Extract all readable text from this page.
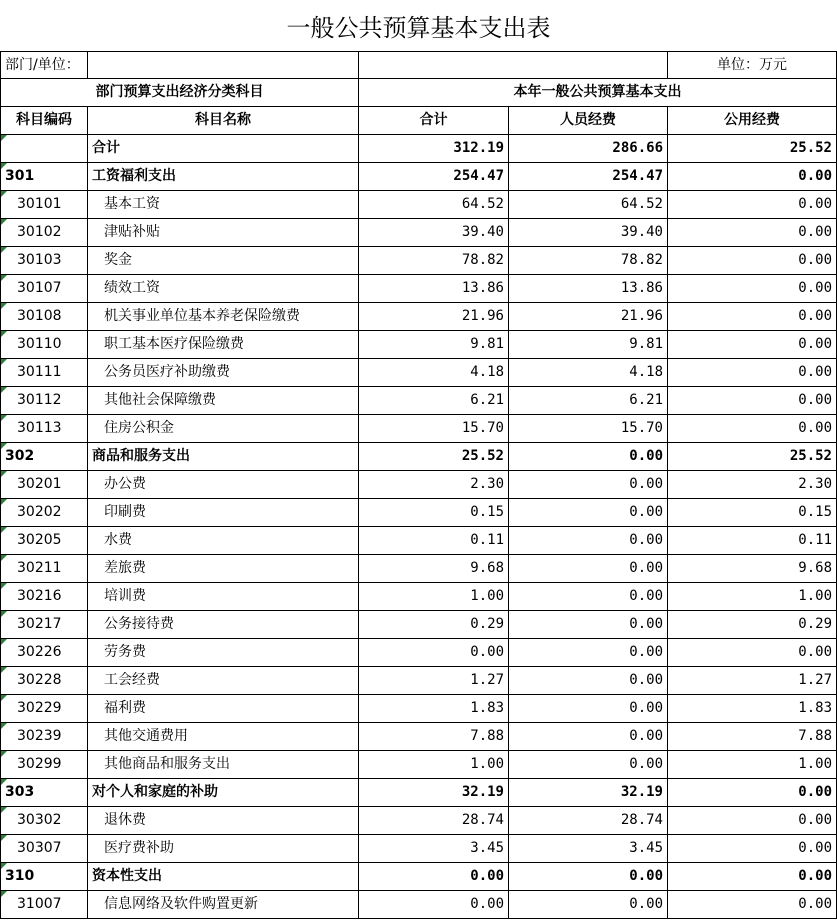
一般公共预算基本支出表
部门/单位：				单位：万元
部门预算支出经济分类科目		本年一般公共预算基本支出		
科目编码	科目名称	合计	人员经费	公用经费
	合计	312.19	286.66	25.52
301	工资福利支出	254.47	254.47	0.00
30101	基本工资	64.52	64.52	0.00
30102	津贴补贴	39.40	39.40	0.00
30103	奖金	78.82	78.82	0.00
30107	绩效工资	13.86	13.86	0.00
30108	机关事业单位基本养老保险缴费	21.96	21.96	0.00
30110	职工基本医疗保险缴费	9.81	9.81	0.00
30111	公务员医疗补助缴费	4.18	4.18	0.00
30112	其他社会保障缴费	6.21	6.21	0.00
30113	住房公积金	15.70	15.70	0.00
302	商品和服务支出	25.52	0.00	25.52
30201	办公费	2.30	0.00	2.30
30202	印刷费	0.15	0.00	0.15
30205	水费	0.11	0.00	0.11
30211	差旅费	9.68	0.00	9.68
30216	培训费	1.00	0.00	1.00
30217	公务接待费	0.29	0.00	0.29
30226	劳务费	0.00	0.00	0.00
30228	工会经费	1.27	0.00	1.27
30229	福利费	1.83	0.00	1.83
30239	其他交通费用	7.88	0.00	7.88
30299	其他商品和服务支出	1.00	0.00	1.00
303	对个人和家庭的补助	32.19	32.19	0.00
30302	退休费	28.74	28.74	0.00
30307	医疗费补助	3.45	3.45	0.00
310	资本性支出	0.00	0.00	0.00
31007	信息网络及软件购置更新	0.00	0.00	0.00
